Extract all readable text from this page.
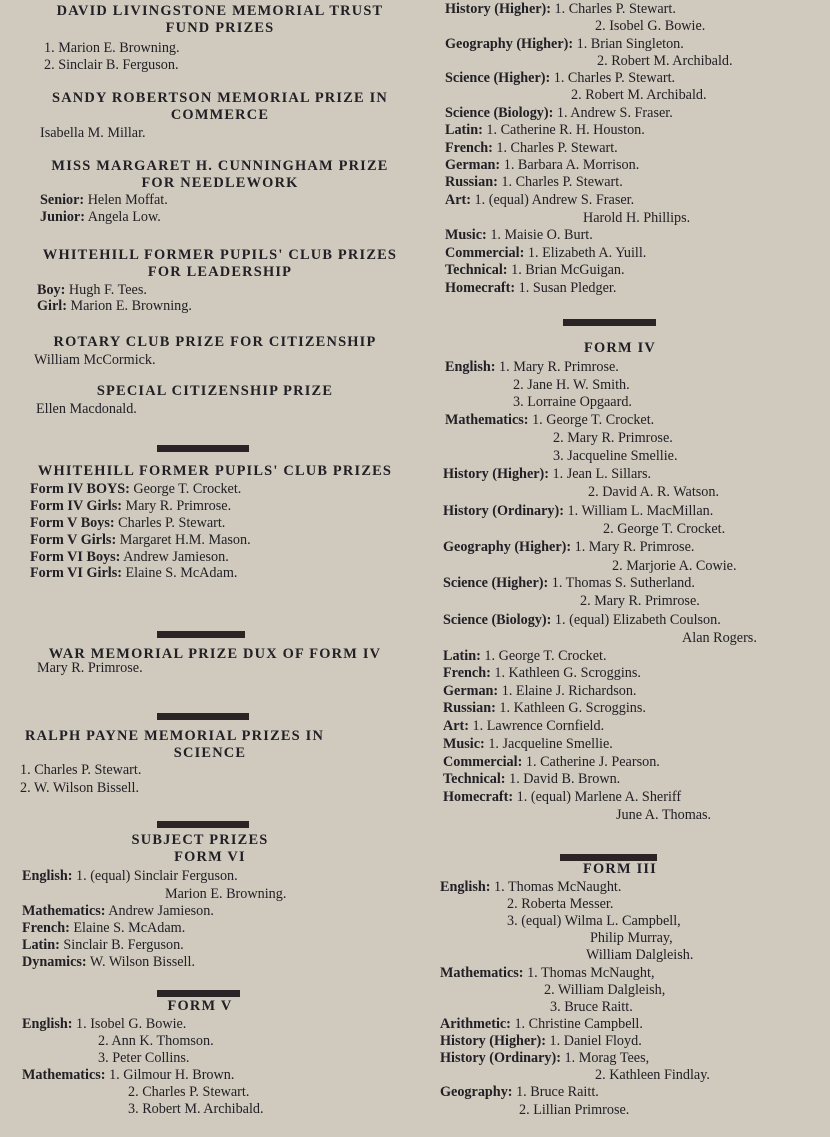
DAVID LIVINGSTONE MEMORIAL TRUST
FUND PRIZES
1. Marion E. Browning.
2. Sinclair B. Ferguson.
SANDY ROBERTSON MEMORIAL PRIZE IN
COMMERCE
Isabella M. Millar.
MISS MARGARET H. CUNNINGHAM PRIZE
FOR NEEDLEWORK
Senior: Helen Moffat.
Junior: Angela Low.
WHITEHILL FORMER PUPILS' CLUB PRIZES
FOR LEADERSHIP
Boy: Hugh F. Tees.
Girl: Marion E. Browning.
ROTARY CLUB PRIZE FOR CITIZENSHIP
William McCormick.
SPECIAL CITIZENSHIP PRIZE
Ellen Macdonald.
WHITEHILL FORMER PUPILS' CLUB PRIZES
Form IV BOYS: George T. Crocket.
Form IV Girls: Mary R. Primrose.
Form V Boys: Charles P. Stewart.
Form V Girls: Margaret H.M. Mason.
Form VI Boys: Andrew Jamieson.
Form VI Girls: Elaine S. McAdam.
WAR MEMORIAL PRIZE DUX OF FORM IV
Mary R. Primrose.
RALPH PAYNE MEMORIAL PRIZES IN
SCIENCE
1. Charles P. Stewart.
2. W. Wilson Bissell.
SUBJECT PRIZES
FORM VI
English: 1. (equal) Sinclair Ferguson.
Marion E. Browning.
Mathematics: Andrew Jamieson.
French: Elaine S. McAdam.
Latin: Sinclair B. Ferguson.
Dynamics: W. Wilson Bissell.
FORM V
English: 1. Isobel G. Bowie.
2. Ann K. Thomson.
3. Peter Collins.
Mathematics: 1. Gilmour H. Brown.
2. Charles P. Stewart.
3. Robert M. Archibald.
History (Higher): 1. Charles P. Stewart.
2. Isobel G. Bowie.
Geography (Higher): 1. Brian Singleton.
2. Robert M. Archibald.
Science (Higher): 1. Charles P. Stewart.
2. Robert M. Archibald.
Science (Biology): 1. Andrew S. Fraser.
Latin: 1. Catherine R. H. Houston.
French: 1. Charles P. Stewart.
German: 1. Barbara A. Morrison.
Russian: 1. Charles P. Stewart.
Art: 1. (equal) Andrew S. Fraser.
Harold H. Phillips.
Music: 1. Maisie O. Burt.
Commercial: 1. Elizabeth A. Yuill.
Technical: 1. Brian McGuigan.
Homecraft: 1. Susan Pledger.
FORM IV
English: 1. Mary R. Primrose.
2. Jane H. W. Smith.
3. Lorraine Opgaard.
Mathematics: 1. George T. Crocket.
2. Mary R. Primrose.
3. Jacqueline Smellie.
History (Higher): 1. Jean L. Sillars.
2. David A. R. Watson.
History (Ordinary): 1. William L. MacMillan.
2. George T. Crocket.
Geography (Higher): 1. Mary R. Primrose.
2. Marjorie A. Cowie.
Science (Higher): 1. Thomas S. Sutherland.
2. Mary R. Primrose.
Science (Biology): 1. (equal) Elizabeth Coulson.
Alan Rogers.
Latin: 1. George T. Crocket.
French: 1. Kathleen G. Scroggins.
German: 1. Elaine J. Richardson.
Russian: 1. Kathleen G. Scroggins.
Art: 1. Lawrence Cornfield.
Music: 1. Jacqueline Smellie.
Commercial: 1. Catherine J. Pearson.
Technical: 1. David B. Brown.
Homecraft: 1. (equal) Marlene A. Sheriff
June A. Thomas.
FORM III
English: 1. Thomas McNaught.
2. Roberta Messer.
3. (equal) Wilma L. Campbell,
Philip Murray,
William Dalgleish.
Mathematics: 1. Thomas McNaught,
2. William Dalgleish,
3. Bruce Raitt.
Arithmetic: 1. Christine Campbell.
History (Higher): 1. Daniel Floyd.
History (Ordinary): 1. Morag Tees,
2. Kathleen Findlay.
Geography: 1. Bruce Raitt.
2. Lillian Primrose.
